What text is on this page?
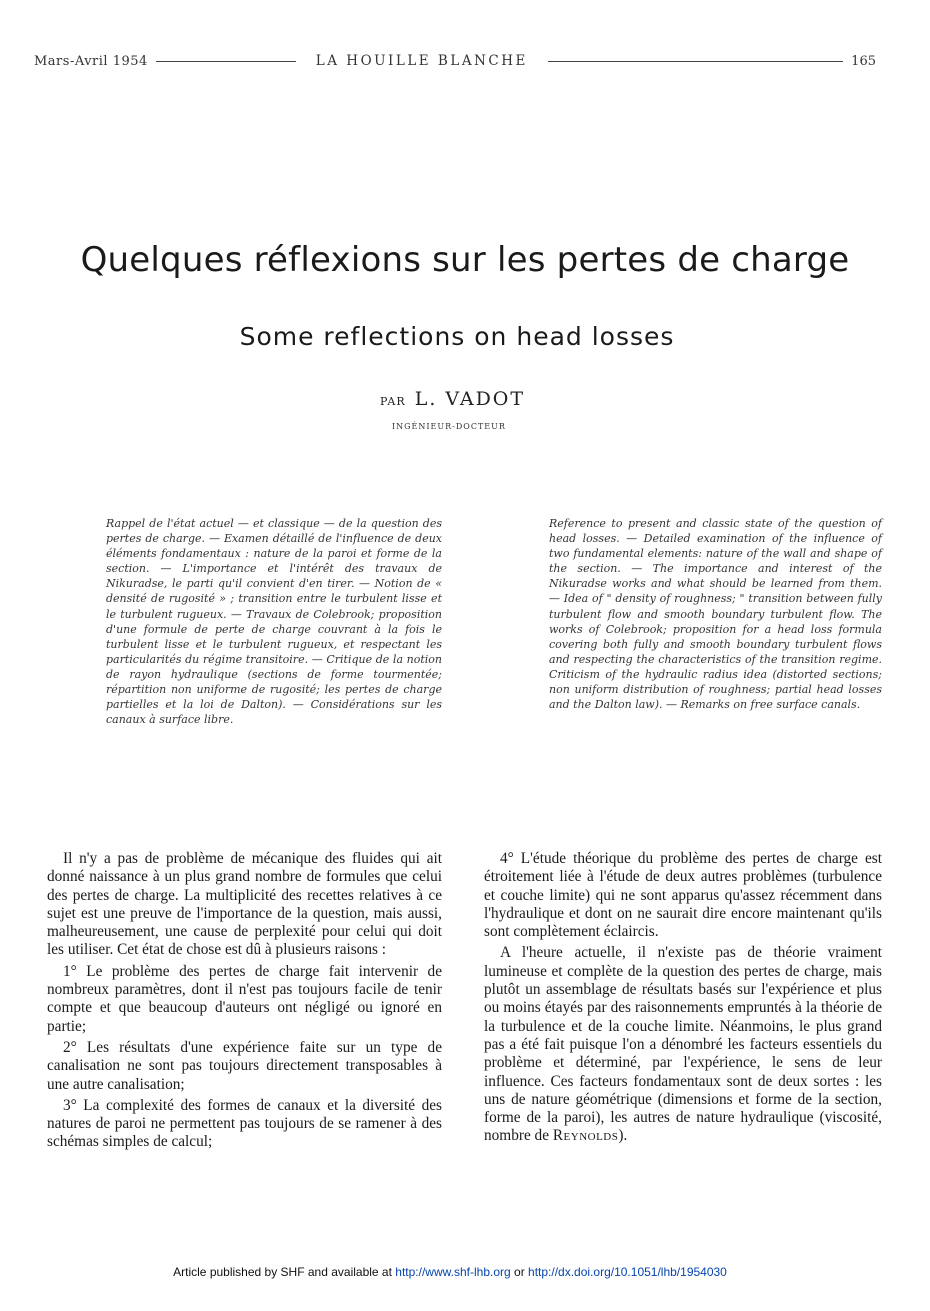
Mars-Avril 1954	LA HOUILLE BLANCHE	165
Quelques réflexions sur les pertes de charge
Some reflections on head losses
PAR L. VADOT
INGÉNIEUR-DOCTEUR

Rappel de l'état actuel — et classique — de la question des pertes de charge. — Examen détaillé de l'influence de deux éléments fondamentaux : nature de la paroi et forme de la section. — L'importance et l'intérêt des travaux de Nikuradse, le parti qu'il convient d'en tirer. — Notion de « densité de rugosité » ; transition entre le turbulent lisse et le turbulent rugueux. — Travaux de Colebrook; proposition d'une formule de perte de charge couvrant à la fois le turbulent lisse et le turbulent rugueux, et respectant les particularités du régime transitoire. — Critique de la notion de rayon hydraulique (sections de forme tourmentée; répartition non uniforme de rugosité; les pertes de charge partielles et la loi de Dalton). — Considérations sur les canaux à surface libre.

Reference to present and classic state of the question of head losses. — Detailed examination of the influence of two fundamental elements: nature of the wall and shape of the section. — The importance and interest of the Nikuradse works and what should be learned from them. — Idea of " density of roughness; " transition between fully turbulent flow and smooth boundary turbulent flow. The works of Colebrook; proposition for a head loss formula covering both fully and smooth boundary turbulent flows and respecting the characteristics of the transition regime. Criticism of the hydraulic radius idea (distorted sections; non uniform distribution of roughness; partial head losses and the Dalton law). — Remarks on free surface canals.

Il n'y a pas de problème de mécanique des fluides qui ait donné naissance à un plus grand nombre de formules que celui des pertes de charge. La multiplicité des recettes relatives à ce sujet est une preuve de l'importance de la question, mais aussi, malheureusement, une cause de perplexité pour celui qui doit les utiliser. Cet état de chose est dû à plusieurs raisons :

1° Le problème des pertes de charge fait intervenir de nombreux paramètres, dont il n'est pas toujours facile de tenir compte et que beaucoup d'auteurs ont négligé ou ignoré en partie;

2° Les résultats d'une expérience faite sur un type de canalisation ne sont pas toujours directement transposables à une autre canalisation;

3° La complexité des formes de canaux et la diversité des natures de paroi ne permettent pas toujours de se ramener à des schémas simples de calcul;

4° L'étude théorique du problème des pertes de charge est étroitement liée à l'étude de deux autres problèmes (turbulence et couche limite) qui ne sont apparus qu'assez récemment dans l'hydraulique et dont on ne saurait dire encore maintenant qu'ils sont complètement éclaircis.

A l'heure actuelle, il n'existe pas de théorie vraiment lumineuse et complète de la question des pertes de charge, mais plutôt un assemblage de résultats basés sur l'expérience et plus ou moins étayés par des raisonnements empruntés à la théorie de la turbulence et de la couche limite. Néanmoins, le plus grand pas a été fait puisque l'on a dénombré les facteurs essentiels du problème et déterminé, par l'expérience, le sens de leur influence. Ces facteurs fondamentaux sont de deux sortes : les uns de nature géométrique (dimensions et forme de la section, forme de la paroi), les autres de nature hydraulique (viscosité, nombre de Reynolds).

Article published by SHF and available at http://www.shf-lhb.org or http://dx.doi.org/10.1051/lhb/1954030
